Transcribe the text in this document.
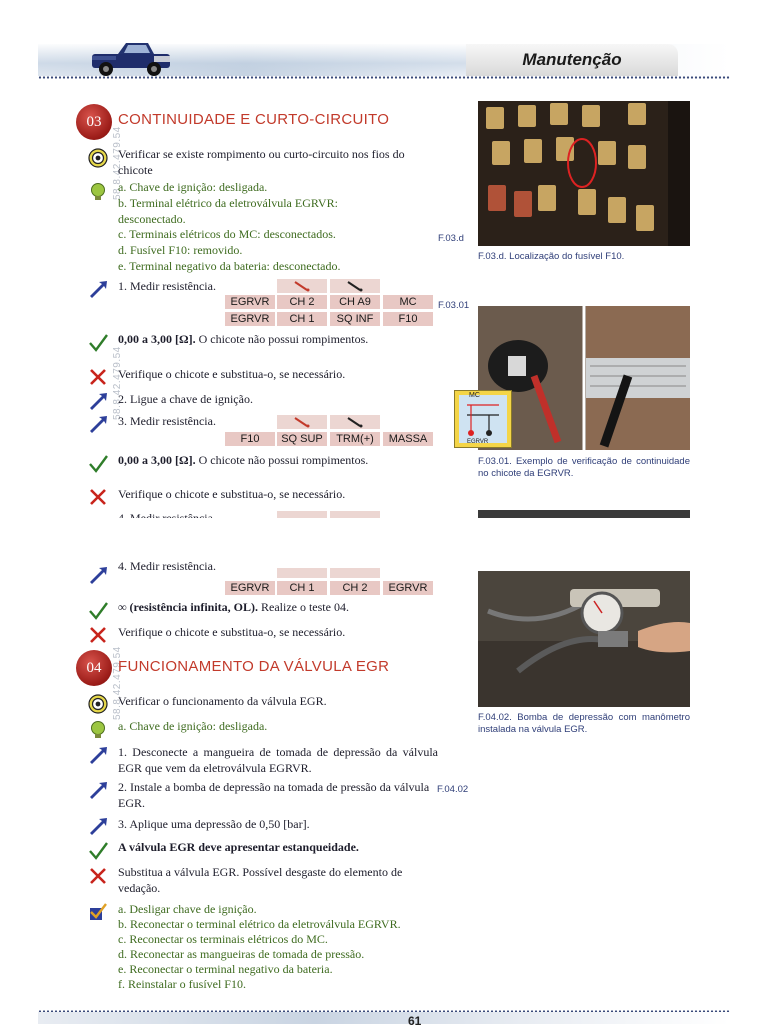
Manutenção
58.8.42.479.54
58.8.42.479.54
58.8.42.479.54
03	CONTINUIDADE E CURTO-CIRCUITO
Verificar se existe rompimento ou curto-circuito nos fios do chicote
a. Chave de ignição: desligada.
b. Terminal elétrico da eletroválvula EGRVR: desconectado.
c. Terminais elétricos do MC: desconectados.
d. Fusível F10: removido.
e. Terminal negativo da bateria: desconectado.
1. Medir resistência.
EGRVR	CH 2	CH A9	MC
EGRVR	CH 1	SQ INF	F10
0,00 a 3,00 [Ω]. O chicote não possui rompimentos.
Verifique o chicote e substitua-o, se necessário.
2. Ligue a chave de ignição.
3. Medir resistência.
F10	SQ SUP	TRM(+)	MASSA
0,00 a 3,00 [Ω]. O chicote não possui rompimentos.
Verifique o chicote e substitua-o, se necessário.
F.03.d
F.03.d. Localização do fusível F10.
MC
EGRVR
F.03.01
F.03.01. Exemplo de verificação de continuidade no chicote da EGRVR.
4. Medir resistência.
EGRVR	CH 1	CH 2	EGRVR
∞ (resistência infinita, OL). Realize o teste 04.
Verifique o chicote e substitua-o, se necessário.
04	FUNCIONAMENTO DA VÁLVULA EGR
Verificar o funcionamento da válvula EGR.
a. Chave de ignição: desligada.
1. Desconecte a mangueira de tomada de depressão da válvula EGR que vem da eletroválvula EGRVR.
2. Instale a bomba de depressão na tomada de pressão da válvula EGR.
F.04.02
3. Aplique uma depressão de 0,50 [bar].
A válvula EGR deve apresentar estanqueidade.
Substitua a válvula EGR. Possível desgaste do elemento de vedação.
a. Desligar chave de ignição.
b. Reconectar o terminal elétrico da eletroválvula EGRVR.
c. Reconectar os terminais elétricos do MC.
d. Reconectar as mangueiras de tomada de pressão.
e. Reconectar o terminal negativo da bateria.
f. Reinstalar o fusível F10.
F.04.02. Bomba de depressão com manômetro instalada na válvula EGR.
61
